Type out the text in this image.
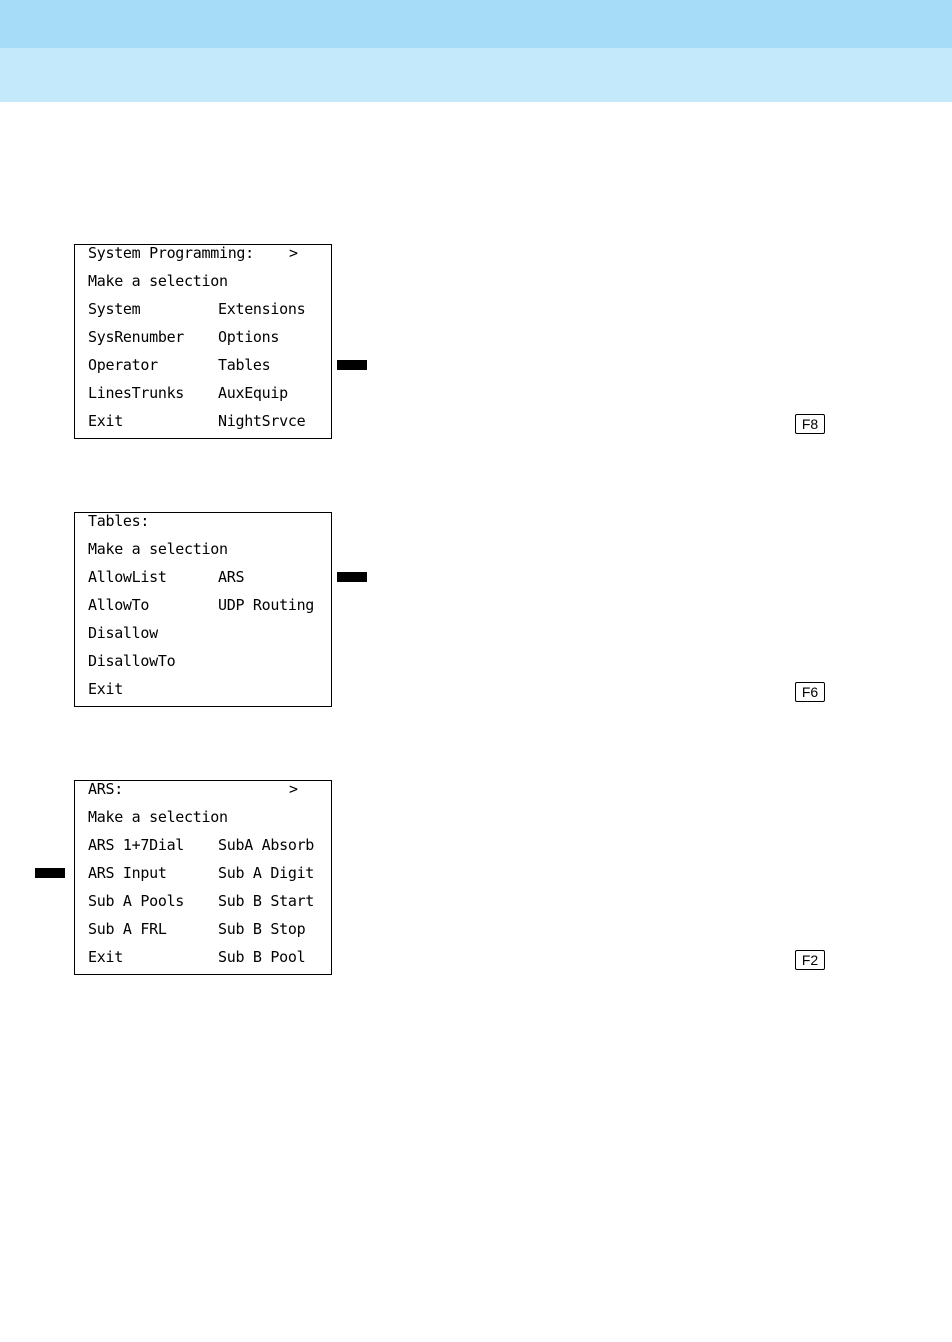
System Programming: >
Make a selection
System	Extensions
SysRenumber Options
Operator	Tables
LinesTrunks AuxEquip
Exit	NightSrvce	F8
Tables:
Make a selection
AllowList	ARS
AllowTo	UDP Routing
Disallow
DisallowTo
Exit	F6
ARS:	>
Make a selection
ARS 1+7Dial SubA Absorb
ARS Input	Sub A Digit
Sub A Pools Sub B Start
Sub A FRL	Sub B Stop
Exit	Sub B Pool	F2
